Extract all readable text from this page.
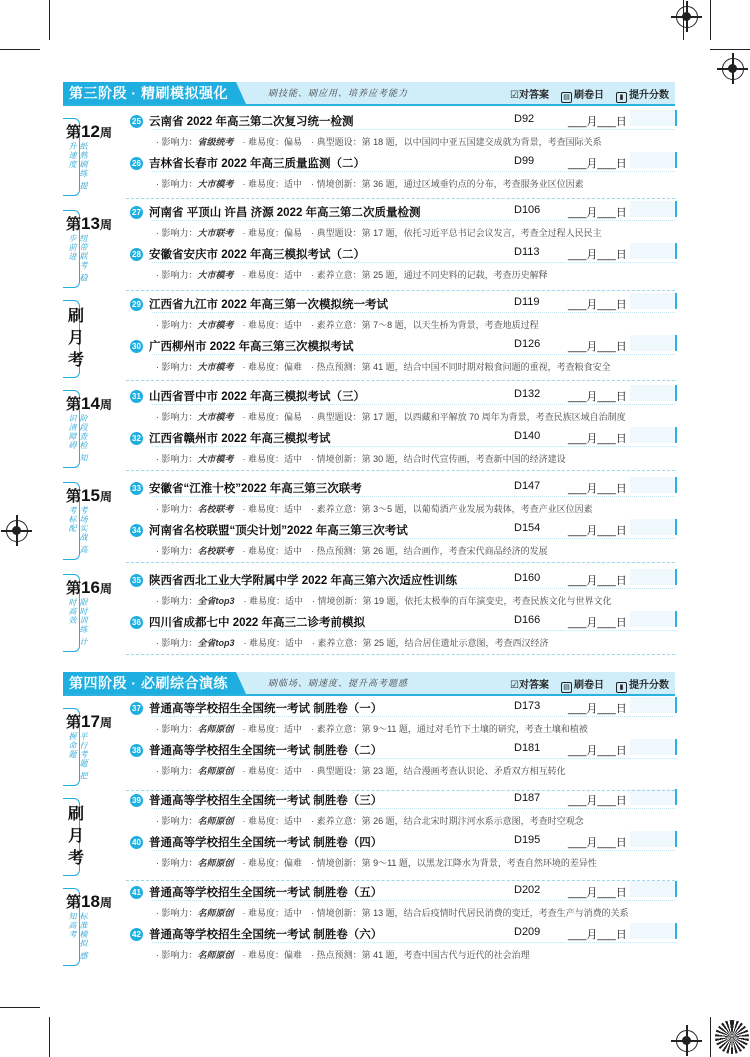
第三阶段 · 精刷模拟强化	刷技能、刷应用、培养应考能力	☑对答案	▤ 刷卷日	▮ 提升分数
第四阶段 · 必刷综合演练	刷临场、刷速度、提升高考题感	☑对答案	▤ 刷卷日	▮ 提升分数
第12周
纸熟刷练 提升速度
第13周
纽带联考 稳步前进
刷月考
第14周
阶段查检 知识清障碍
第15周
考场实战 高考标配
第16周
限时训练 计时高效
第17周
平行考题 把握命题
刷月考
第18周
标准模拟 感知高考
25 云南省 2022 年高三第二次复习统一检测	D92	___月___日
· 影响力：省级统考　· 难易度：偏易　· 典型题设：第 18 题，以中国同中亚五国建交成就为背景，考查国际关系
26 吉林省长春市 2022 年高三质量监测（二）	D99	___月___日
· 影响力：大市模考　· 难易度：适中　· 情境创新：第 36 题，通过区域垂钓点的分布，考查服务业区位因素
27 河南省 平顶山 许昌 济源 2022 年高三第二次质量检测	D106	___月___日
· 影响力：大市联考　· 难易度：偏易　· 典型题设：第 17 题，依托习近平总书记会议发言，考查全过程人民民主
28 安徽省安庆市 2022 年高三模拟考试（二）	D113	___月___日
· 影响力：大市模考　· 难易度：适中　· 素养立意：第 25 题，通过不同史料的记载，考查历史解释
29 江西省九江市 2022 年高三第一次模拟统一考试	D119	___月___日
· 影响力：大市模考　· 难易度：适中　· 素养立意：第 7～8 题，以天生桥为背景，考查地质过程
30 广西柳州市 2022 年高三第三次模拟考试	D126	___月___日
· 影响力：大市模考　· 难易度：偏难　· 热点预测：第 41 题，结合中国不同时期对粮食问题的重视，考查粮食安全
31 山西省晋中市 2022 年高三模拟考试（三）	D132	___月___日
· 影响力：大市模考　· 难易度：偏易　· 典型题设：第 17 题，以西藏和平解放 70 周年为背景，考查民族区域自治制度
32 江西省赣州市 2022 年高三模拟考试	D140	___月___日
· 影响力：大市模考　· 难易度：适中　· 情境创新：第 30 题，结合时代宣传画，考查新中国的经济建设
33 安徽省“江淮十校”2022 年高三第三次联考	D147	___月___日
· 影响力：名校联考　· 难易度：适中　· 素养立意：第 3～5 题，以葡萄酒产业发展为载体，考查产业区位因素
34 河南省名校联盟“顶尖计划”2022 年高三第三次考试	D154	___月___日
· 影响力：名校联考　· 难易度：适中　· 热点预测：第 26 题，结合画作，考查宋代商品经济的发展
35 陕西省西北工业大学附属中学 2022 年高三第六次适应性训练	D160	___月___日
· 影响力：全省top3　· 难易度：适中　· 情境创新：第 19 题，依托太极拳的百年演变史，考查民族文化与世界文化
36 四川省成都七中 2022 年高三二诊考前模拟	D166	___月___日
· 影响力：全省top3　· 难易度：适中　· 素养立意：第 25 题，结合居住遗址示意图，考查西汉经济
37 普通高等学校招生全国统一考试 制胜卷（一）	D173	___月___日
· 影响力：名师原创　· 难易度：适中　· 素养立意：第 9～11 题，通过对毛竹下土壤的研究，考查土壤和植被
38 普通高等学校招生全国统一考试 制胜卷（二）	D181	___月___日
· 影响力：名师原创　· 难易度：适中　· 典型题设：第 23 题，结合漫画考查认识论、矛盾双方相互转化
39 普通高等学校招生全国统一考试 制胜卷（三）	D187	___月___日
· 影响力：名师原创　· 难易度：适中　· 素养立意：第 26 题，结合北宋时期汴河水系示意图，考查时空观念
40 普通高等学校招生全国统一考试 制胜卷（四）	D195	___月___日
· 影响力：名师原创　· 难易度：偏难　· 情境创新：第 9～11 题，以黑龙江降水为背景，考查自然环境的差异性
41 普通高等学校招生全国统一考试 制胜卷（五）	D202	___月___日
· 影响力：名师原创　· 难易度：适中　· 情境创新：第 13 题，结合后疫情时代居民消费的变迁，考查生产与消费的关系
42 普通高等学校招生全国统一考试 制胜卷（六）	D209	___月___日
· 影响力：名师原创　· 难易度：偏难　· 热点预测：第 41 题，考查中国古代与近代的社会治理
